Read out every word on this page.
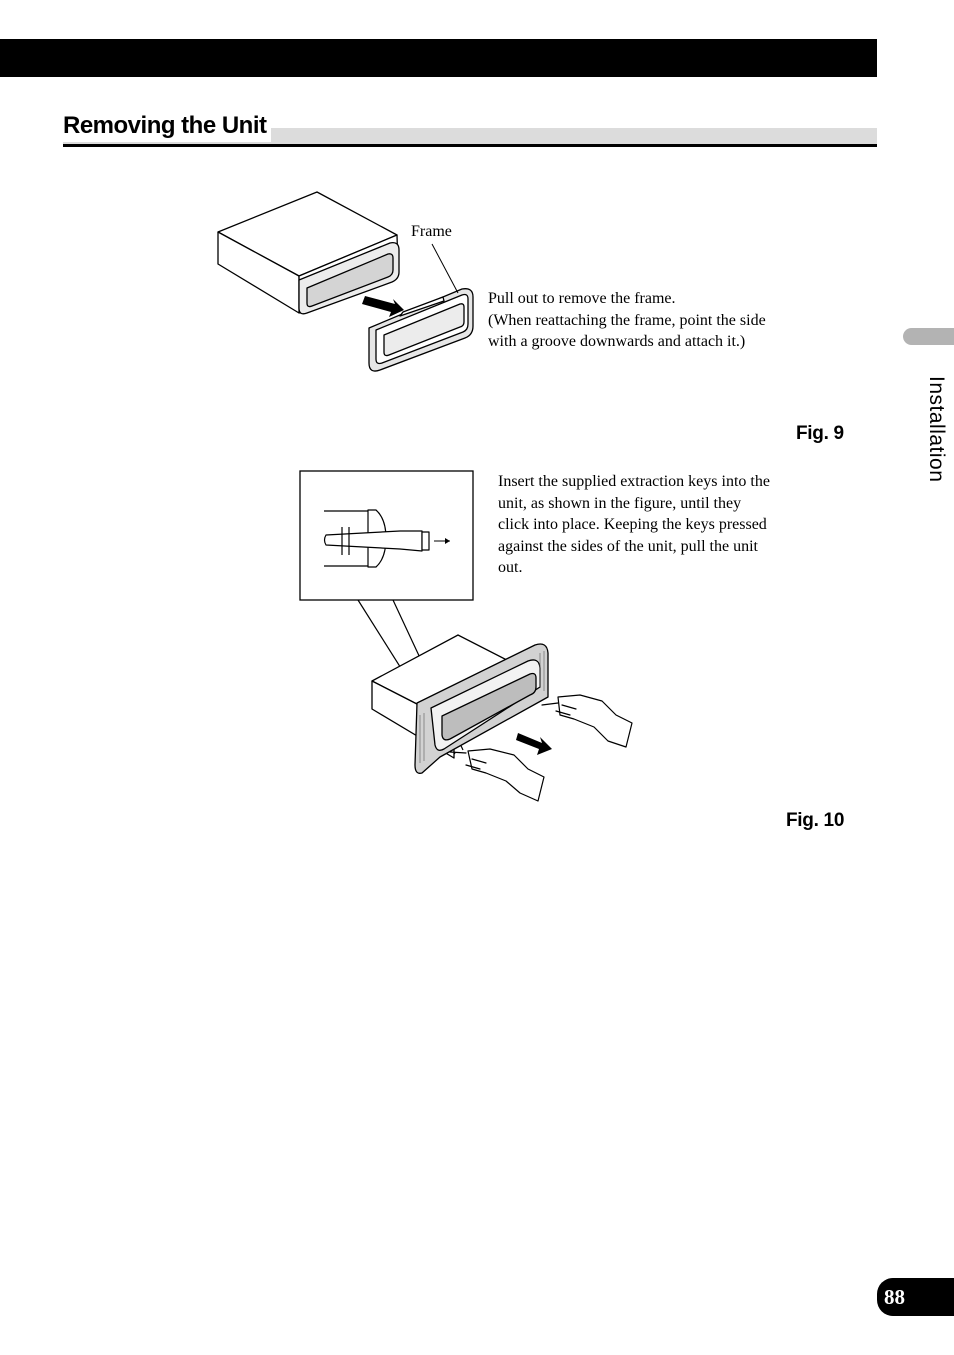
Removing the Unit
Installation
Frame
Pull out to remove the frame.
(When reattaching the frame, point the side with a groove downwards and attach it.)
Fig. 9
Insert the supplied extraction keys into the unit, as shown in the figure, until they click into place. Keeping the keys pressed against the sides of the unit, pull the unit out.
Fig. 10
88
